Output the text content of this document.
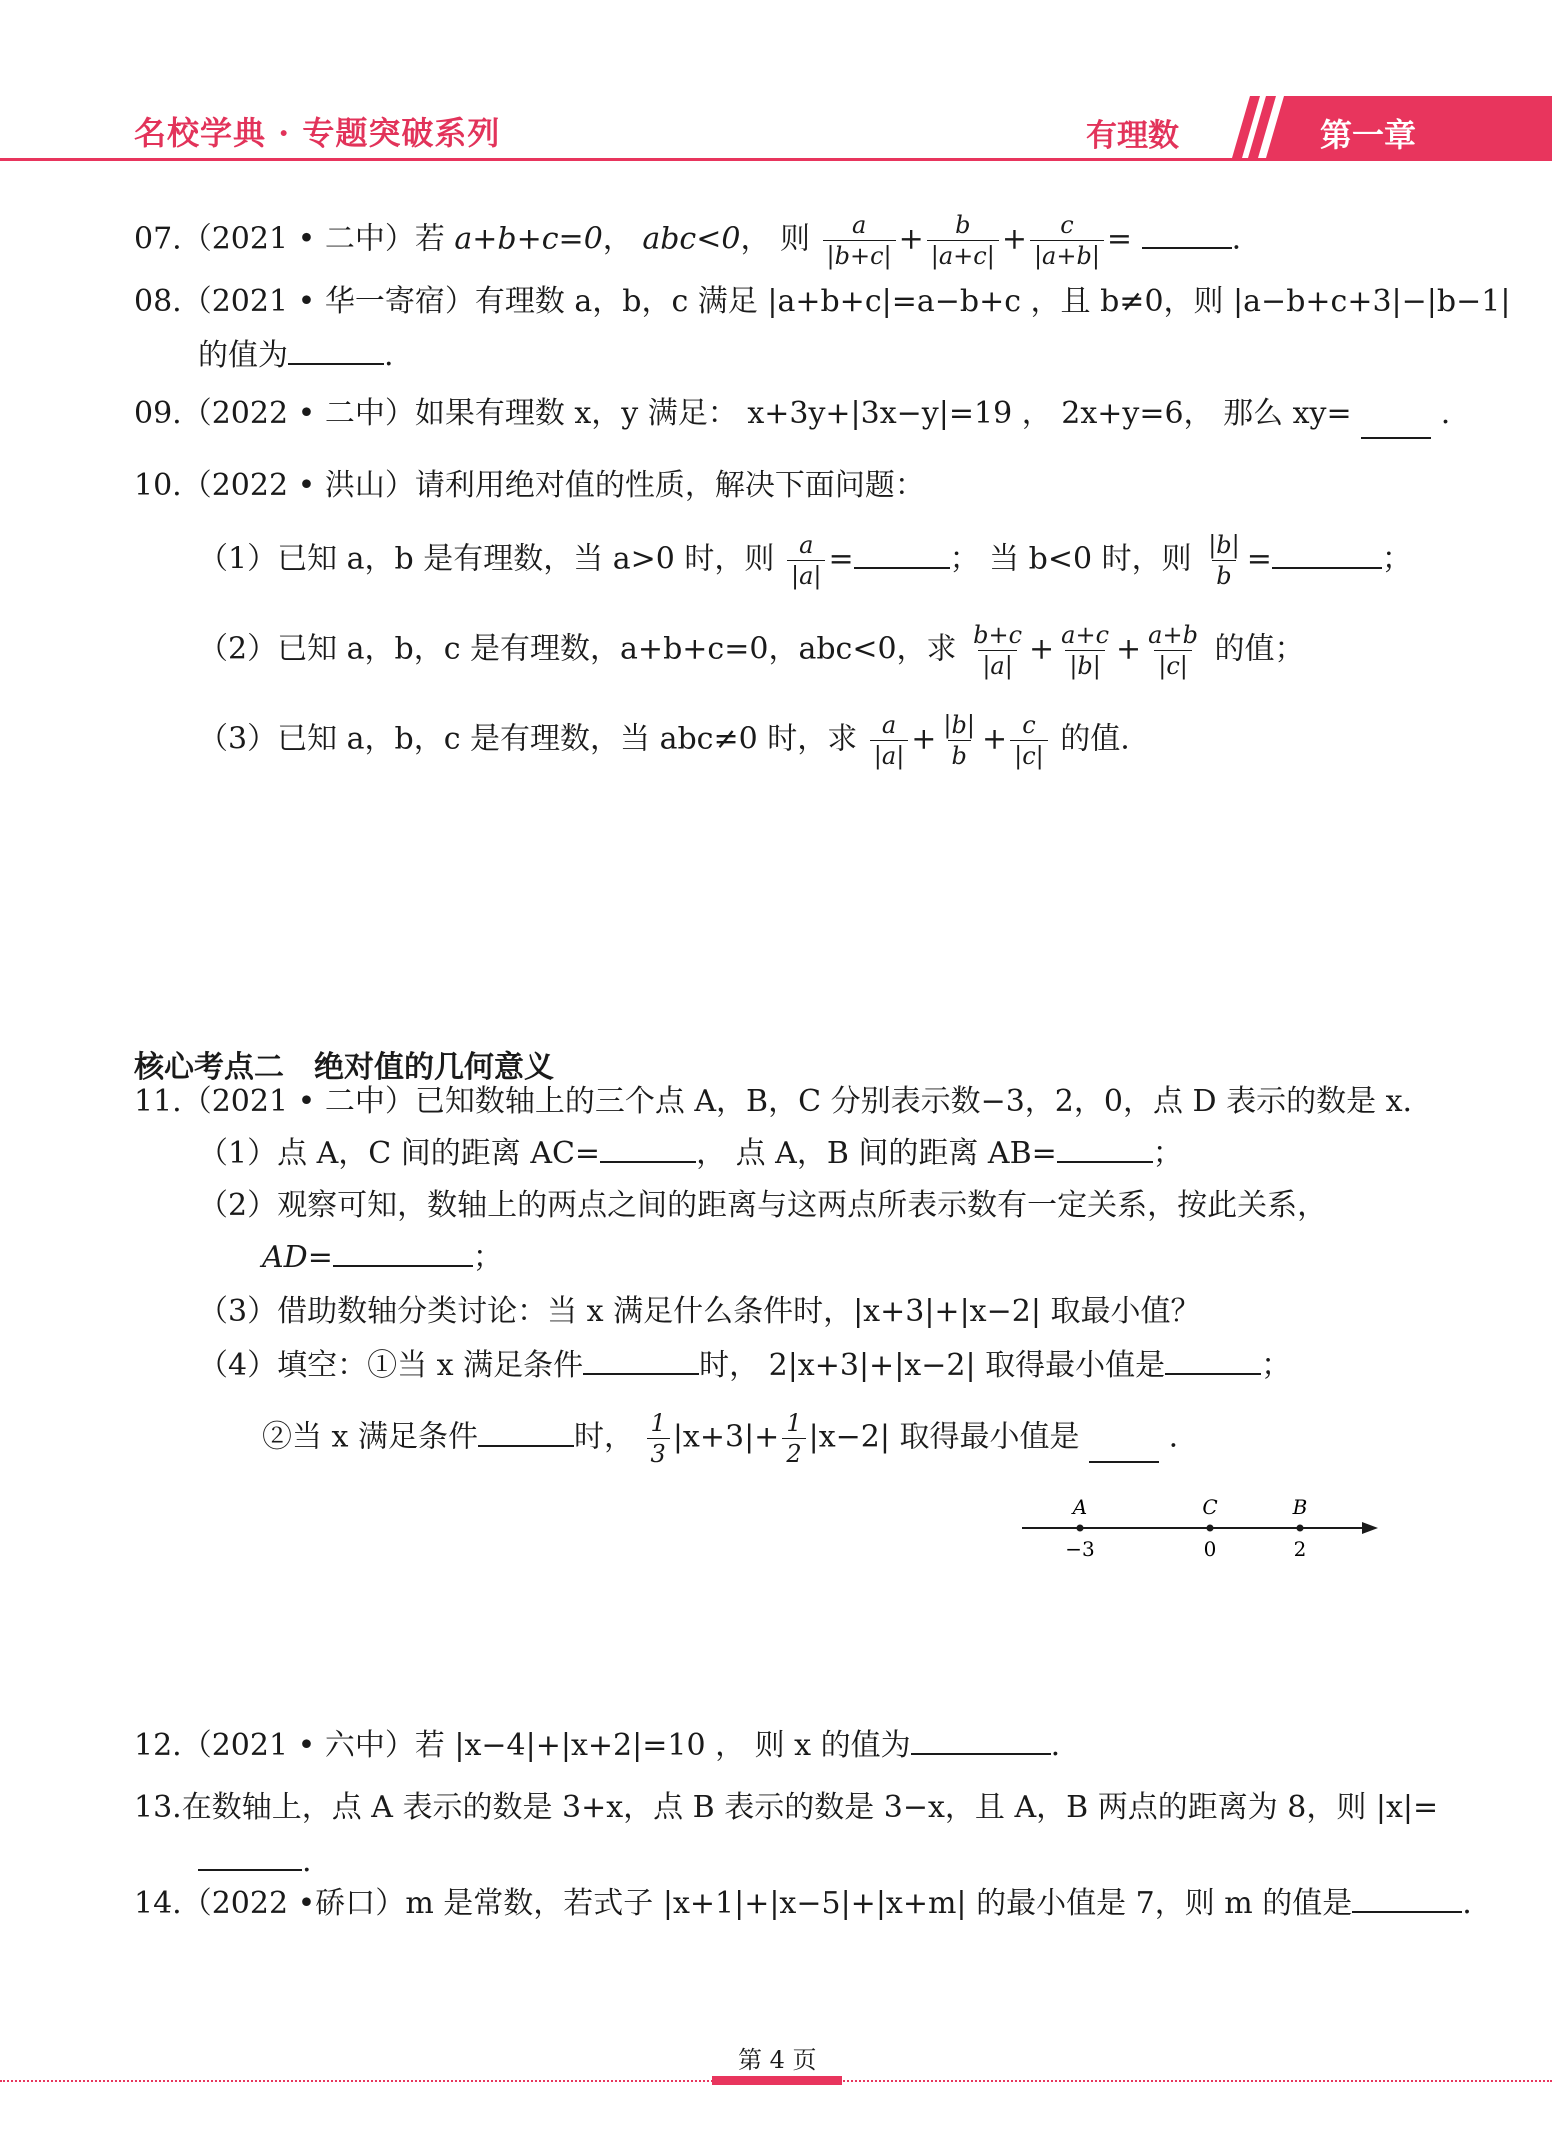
名校学典 · 专题突破系列	有理数	第一章
07.（2021 • 二中）若 a+b+c=0， abc<0， 则 $\frac{a}{|b+c|} + \frac{b}{|a+c|} + \frac{c}{|a+b|}$ =	.
08.（2021 • 华一寄宿）有理数 a，b，c 满足 |a+b+c|=a−b+c ，且 b≠0，则 |a−b+c+3|−|b−1|
的值为	.
09.（2022 • 二中）如果有理数 x，y 满足： x+3y+|3x−y|=19 ， 2x+y=6， 那么 xy=	.
10.（2022 • 洪山）请利用绝对值的性质，解决下面问题：
（1）已知 a，b 是有理数，当 a>0 时，则 $\frac{a}{|a|}$ =	； 当 b<0 时，则 $\frac{|b|}{b}$ =	；
（2）已知 a，b，c 是有理数，a+b+c=0，abc<0，求 $\frac{b+c}{|a|} + \frac{a+c}{|b|} + \frac{a+b}{|c|}$ 的值；
（3）已知 a，b，c 是有理数，当 abc≠0 时，求 $\frac{a}{|a|} + \frac{|b|}{b} + \frac{c}{|c|}$ 的值.
核心考点二　绝对值的几何意义
11.（2021 • 二中）已知数轴上的三个点 A，B，C 分别表示数−3，2，0，点 D 表示的数是 x.
（1）点 A，C 间的距离 AC=	， 点 A，B 间的距离 AB=	；
（2）观察可知，数轴上的两点之间的距离与这两点所表示数有一定关系，按此关系，
AD=	；
（3）借助数轴分类讨论：当 x 满足什么条件时，|x+3|+|x−2| 取最小值？
（4）填空：①当 x 满足条件	时， 2|x+3|+|x−2| 取得最小值是	；
②当 x 满足条件	时， $\frac{1}{3} |x+3|+ \frac{1}{2} |x-2|$ 取得最小值是	.
A
−3
C
0
B
2
12.（2021 • 六中）若 |x−4|+|x+2|=10 ， 则 x 的值为	.
13.在数轴上，点 A 表示的数是 3+x，点 B 表示的数是 3−x，且 A，B 两点的距离为 8，则 |x|=
.
14.（2022 •硚口）m 是常数，若式子 |x+1|+|x−5|+|x+m| 的最小值是 7，则 m 的值是	.
第 4 页
